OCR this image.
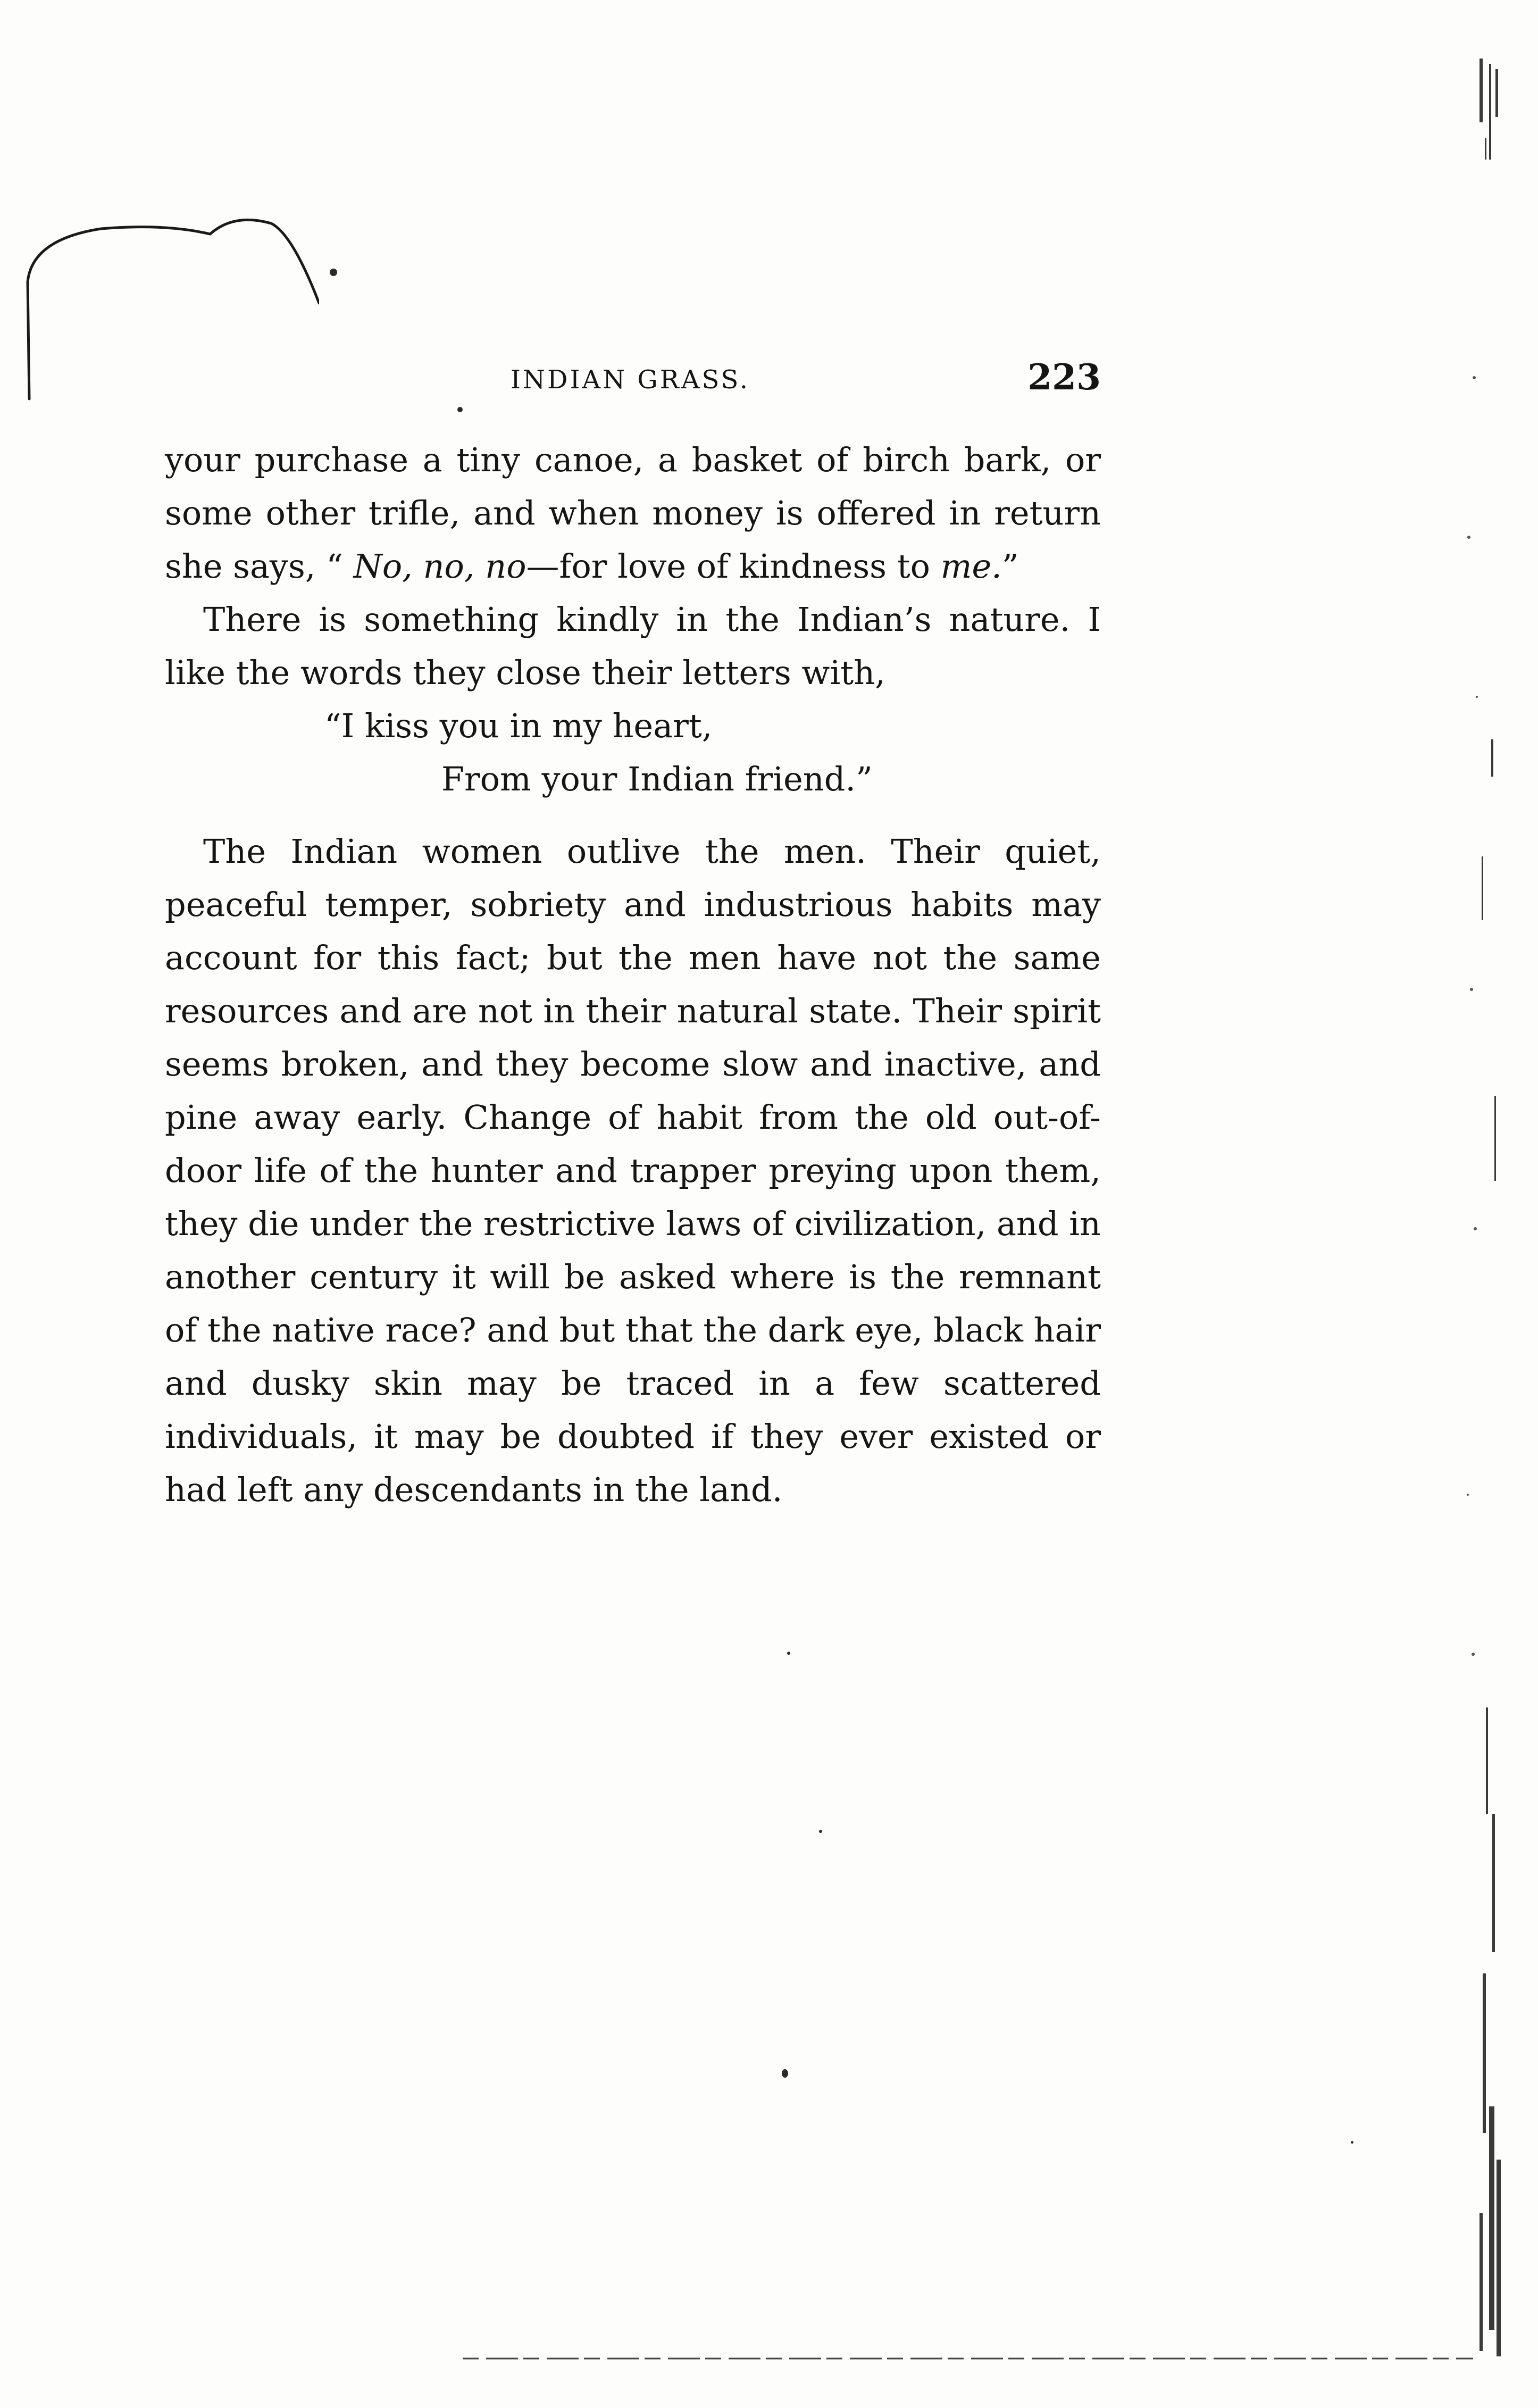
INDIAN GRASS.	223

your purchase a tiny canoe, a basket of birch bark, or some other trifle, and when money is offered in return she says, “ No, no, no—for love of kindness to me.”

There is something kindly in the Indian’s nature. I like the words they close their letters with,

“I kiss you in my heart,
From your Indian friend.”

The Indian women outlive the men. Their quiet, peaceful temper, sobriety and industrious habits may account for this fact; but the men have not the same resources and are not in their natural state. Their spirit seems broken, and they become slow and inactive, and pine away early. Change of habit from the old out-of-door life of the hunter and trapper preying upon them, they die under the restrictive laws of civilization, and in another century it will be asked where is the remnant of the native race? and but that the dark eye, black hair and dusky skin may be traced in a few scattered individuals, it may be doubted if they ever existed or had left any descendants in the land.
